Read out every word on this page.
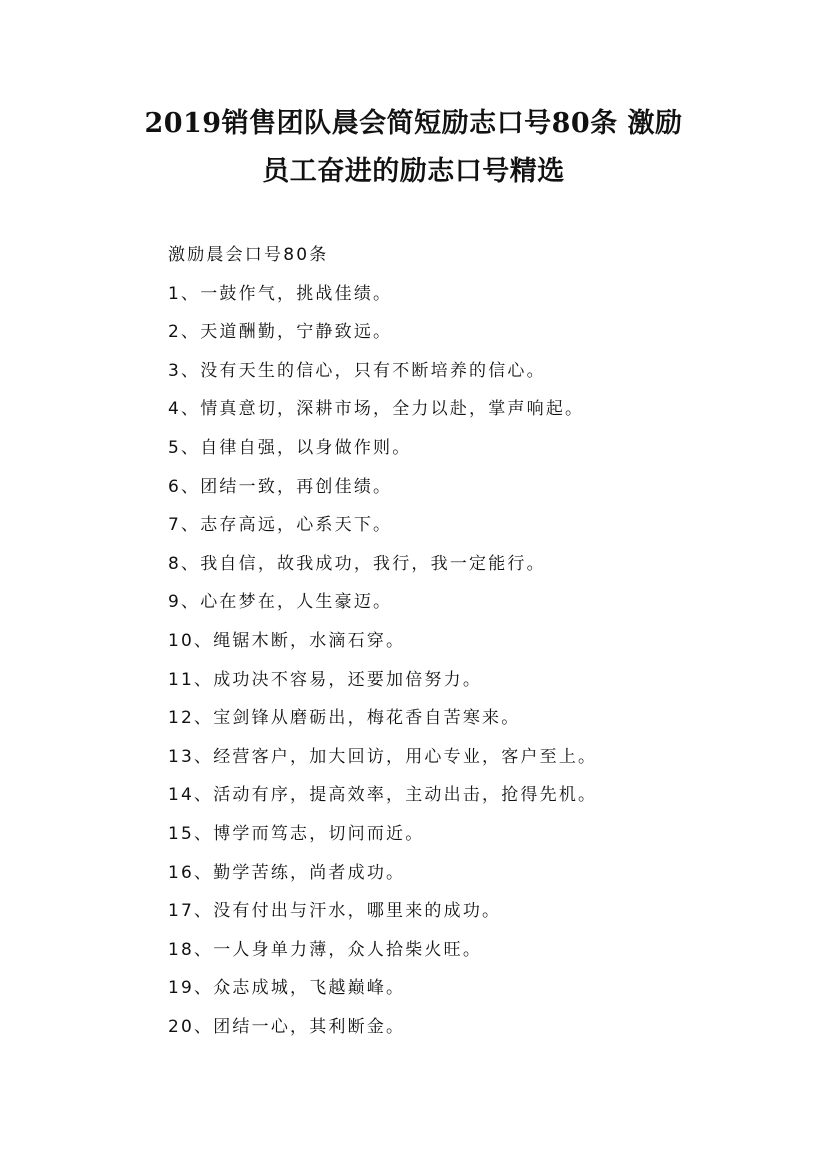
2019销售团队晨会简短励志口号80条 激励
员工奋进的励志口号精选
激励晨会口号80条
1、一鼓作气，挑战佳绩。
2、天道酬勤，宁静致远。
3、没有天生的信心，只有不断培养的信心。
4、情真意切，深耕市场，全力以赴，掌声响起。
5、自律自强，以身做作则。
6、团结一致，再创佳绩。
7、志存高远，心系天下。
8、我自信，故我成功，我行，我一定能行。
9、心在梦在，人生豪迈。
10、绳锯木断，水滴石穿。
11、成功决不容易，还要加倍努力。
12、宝剑锋从磨砺出，梅花香自苦寒来。
13、经营客户，加大回访，用心专业，客户至上。
14、活动有序，提高效率，主动出击，抢得先机。
15、博学而笃志，切问而近。
16、勤学苦练，尚者成功。
17、没有付出与汗水，哪里来的成功。
18、一人身单力薄，众人拾柴火旺。
19、众志成城，飞越巅峰。
20、团结一心，其利断金。
